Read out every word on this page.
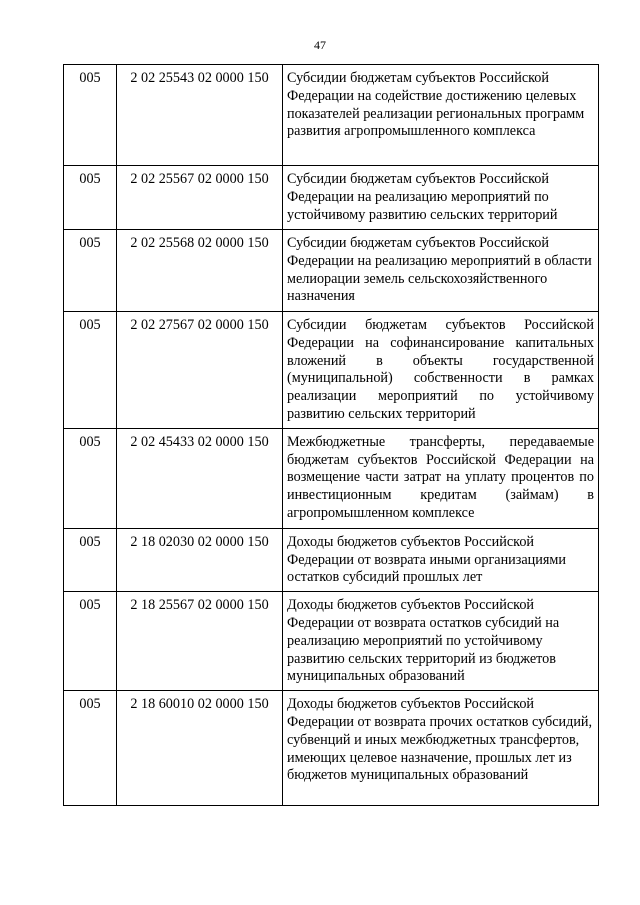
47
005	2 02 25543 02 0000 150	Субсидии бюджетам субъектов Российской Федерации на содействие достижению целевых показателей реализации региональных программ развития агропромышленного комплекса
005	2 02 25567 02 0000 150	Субсидии бюджетам субъектов Российской Федерации на реализацию мероприятий по устойчивому развитию сельских территорий
005	2 02 25568 02 0000 150	Субсидии бюджетам субъектов Российской Федерации на реализацию мероприятий в области мелиорации земель сельскохозяйственного назначения
005	2 02 27567 02 0000 150	Субсидии бюджетам субъектов Российской Федерации на софинансирование капитальных вложений в объекты государственной (муниципальной) собственности в рамках реализации мероприятий по устойчивому развитию сельских территорий
005	2 02 45433 02 0000 150	Межбюджетные трансферты, передаваемые бюджетам субъектов Российской Федерации на возмещение части затрат на уплату процентов по инвестиционным кредитам (займам) в агропромышленном комплексе
005	2 18 02030 02 0000 150	Доходы бюджетов субъектов Российской Федерации от возврата иными организациями остатков субсидий прошлых лет
005	2 18 25567 02 0000 150	Доходы бюджетов субъектов Российской Федерации от возврата остатков субсидий на реализацию мероприятий по устойчивому развитию сельских территорий из бюджетов муниципальных образований
005	2 18 60010 02 0000 150	Доходы бюджетов субъектов Российской Федерации от возврата прочих остатков субсидий, субвенций и иных межбюджетных трансфертов, имеющих целевое назначение, прошлых лет из бюджетов муниципальных образований
